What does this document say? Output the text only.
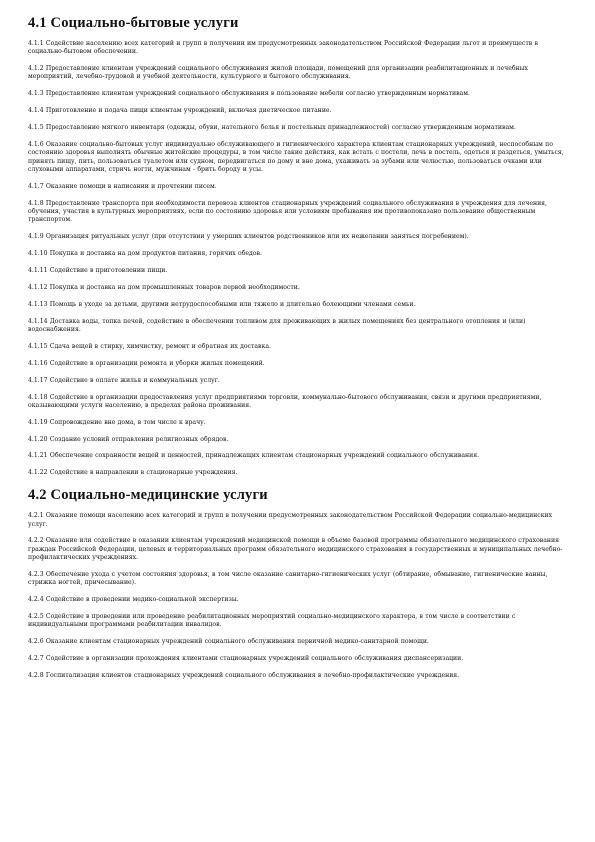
4.1 Социально-бытовые услуги

4.1.1 Содействие населению всех категорий и групп в получении им предусмотренных законодательством Российской Федерации льгот и преимуществ в социально-бытовом обеспечении.

4.1.2 Предоставление клиентам учреждений социального обслуживания жилой площади, помещений для организации реабилитационных и лечебных мероприятий, лечебно-трудовой и учебной деятельности, культурного и бытового обслуживания.

4.1.3 Предоставление клиентам учреждений социального обслуживания в пользование мебели согласно утвержденным нормативам.

4.1.4 Приготовление и подача пищи клиентам учреждений, включая диетическое питание.

4.1.5 Предоставление мягкого инвентаря (одежды, обуви, нательного белья и постельных принадлежностей) согласно утвержденным нормативам.

4.1.6 Оказание социально-бытовых услуг индивидуально обслуживающего и гигиенического характера клиентам стационарных учреждений, неспособным по состоянию здоровья выполнять обычные житейские процедуры, в том числе такие действия, как встать с постели, лечь в постель, одеться и раздеться, умыться, принять пищу, пить, пользоваться туалетом или судном, передвигаться по дому и вне дома, ухаживать за зубами или челюстью, пользоваться очками или слуховыми аппаратами, стричь ногти, мужчинам - брить бороду и усы.

4.1.7 Оказание помощи в написании и прочтении писем.

4.1.8 Предоставление транспорта при необходимости перевоза клиентов стационарных учреждений социального обслуживания в учреждения для лечения, обучения, участия в культурных мероприятиях, если по состоянию здоровья или условиям пребывания им противопоказано пользование общественным транспортом.

4.1.9 Организация ритуальных услуг (при отсутствии у умерших клиентов родственников или их нежелании заняться погребением).

4.1.10 Покупка и доставка на дом продуктов питания, горячих обедов.

4.1.11 Содействие в приготовлении пищи.

4.1.12 Покупка и доставка на дом промышленных товаров первой необходимости.

4.1.13 Помощь в уходе за детьми, другими нетрудоспособными или тяжело и длительно болеющими членами семьи.

4.1.14 Доставка воды, топка печей, содействие в обеспечении топливом для проживающих в жилых помещениях без центрального отопления и (или) водоснабжения.

4.1.15 Сдача вещей в стирку, химчистку, ремонт и обратная их доставка.

4.1.16 Содействие в организации ремонта и уборки жилых помещений.

4.1.17 Содействие в оплате жилья и коммунальных услуг.

4.1.18 Содействие в организации предоставления услуг предприятиями торговли, коммунально-бытового обслуживания, связи и другими предприятиями, оказывающими услуги населению, в пределах района проживания.

4.1.19 Сопровождение вне дома, в том числе к врачу.

4.1.20 Создание условий отправления религиозных обрядов.

4.1.21 Обеспечение сохранности вещей и ценностей, принадлежащих клиентам стационарных учреждений социального обслуживания.

4.1.22 Содействие в направлении в стационарные учреждения.

4.2 Социально-медицинские услуги

4.2.1 Оказание помощи населению всех категорий и групп в получении предусмотренных законодательством Российской Федерации социально-медицинских услуг.

4.2.2 Оказание или содействие в оказании клиентам учреждений медицинской помощи в объеме базовой программы обязательного медицинского страхования граждан Российской Федерации, целевых и территориальных программ обязательного медицинского страхования в государственных и муниципальных лечебно-профилактических учреждениях.

4.2.3 Обеспечение ухода с учетом состояния здоровья, в том числе оказание санитарно-гигиенических услуг (обтирание, обмывание, гигиенические ванны, стрижка ногтей, причесывание).

4.2.4 Содействие в проведении медико-социальной экспертизы.

4.2.5 Содействие в проведении или проведение реабилитационных мероприятий социально-медицинского характера, в том числе в соответствии с индивидуальными программами реабилитации инвалидов.

4.2.6 Оказание клиентам стационарных учреждений социального обслуживания первичной медико-санитарной помощи.

4.2.7 Содействие в организации прохождения клиентами стационарных учреждений социального обслуживания диспансеризации.

4.2.8 Госпитализация клиентов стационарных учреждений социального обслуживания в лечебно-профилактические учреждения.
